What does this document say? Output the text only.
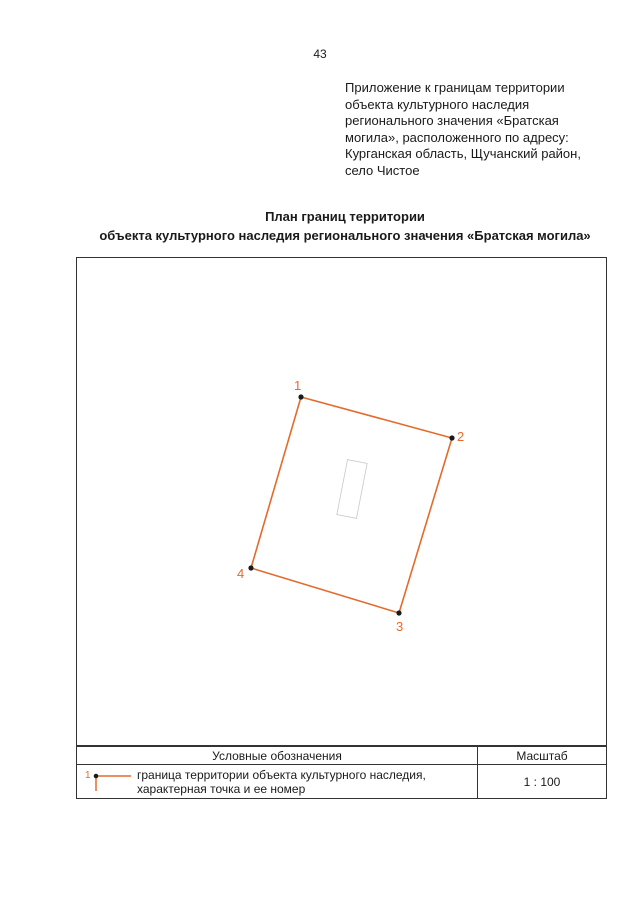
43
Приложение к границам территории
объекта культурного наследия
регионального значения «Братская
могила», расположенного по адресу:
Курганская область, Щучанский район,
село Чистое
План границ территории
объекта культурного наследия регионального значения «Братская могила»
1
2
3
4
Условные обозначения		Масштаб

1	граница территории объекта культурного наследия,
характерная точка и ее номер	1 : 100
